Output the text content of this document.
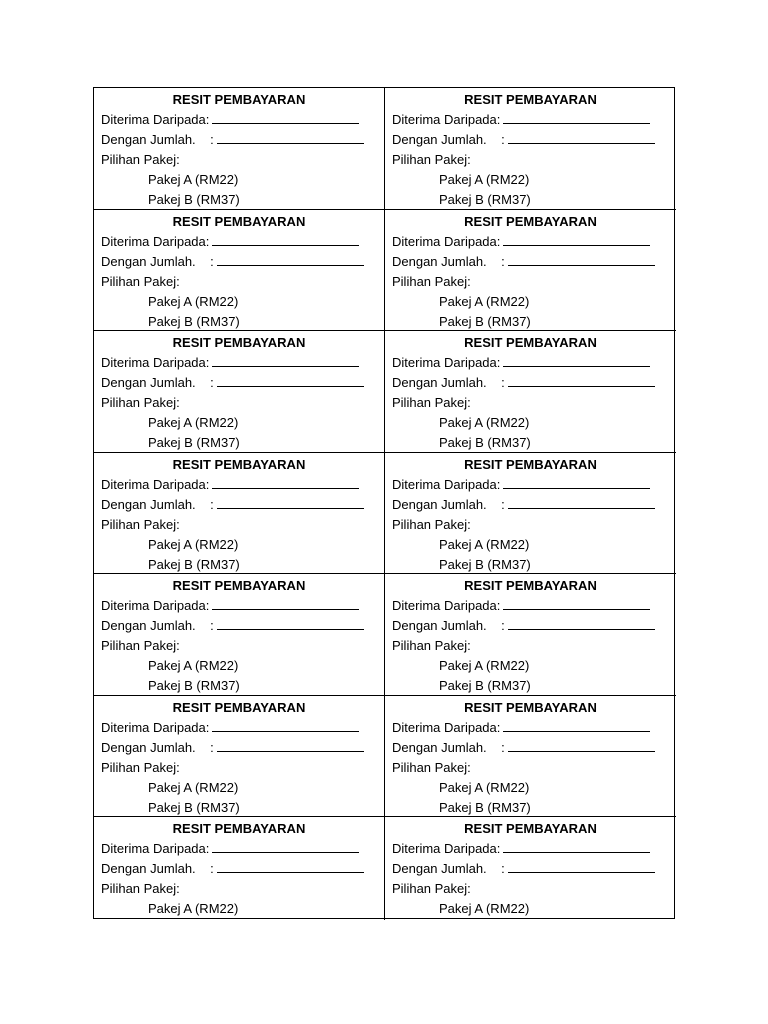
RESIT PEMBAYARAN
Diterima Daripada:
Dengan Jumlah.    :
Pilihan Pakej:
Pakej A (RM22)
Pakej B (RM37)
RESIT PEMBAYARAN
Diterima Daripada:
Dengan Jumlah.    :
Pilihan Pakej:
Pakej A (RM22)
Pakej B (RM37)
RESIT PEMBAYARAN
Diterima Daripada:
Dengan Jumlah.    :
Pilihan Pakej:
Pakej A (RM22)
Pakej B (RM37)
RESIT PEMBAYARAN
Diterima Daripada:
Dengan Jumlah.    :
Pilihan Pakej:
Pakej A (RM22)
Pakej B (RM37)
RESIT PEMBAYARAN
Diterima Daripada:
Dengan Jumlah.    :
Pilihan Pakej:
Pakej A (RM22)
Pakej B (RM37)
RESIT PEMBAYARAN
Diterima Daripada:
Dengan Jumlah.    :
Pilihan Pakej:
Pakej A (RM22)
Pakej B (RM37)
RESIT PEMBAYARAN
Diterima Daripada:
Dengan Jumlah.    :
Pilihan Pakej:
Pakej A (RM22)
Pakej B (RM37)
RESIT PEMBAYARAN
Diterima Daripada:
Dengan Jumlah.    :
Pilihan Pakej:
Pakej A (RM22)
Pakej B (RM37)
RESIT PEMBAYARAN
Diterima Daripada:
Dengan Jumlah.    :
Pilihan Pakej:
Pakej A (RM22)
Pakej B (RM37)
RESIT PEMBAYARAN
Diterima Daripada:
Dengan Jumlah.    :
Pilihan Pakej:
Pakej A (RM22)
Pakej B (RM37)
RESIT PEMBAYARAN
Diterima Daripada:
Dengan Jumlah.    :
Pilihan Pakej:
Pakej A (RM22)
Pakej B (RM37)
RESIT PEMBAYARAN
Diterima Daripada:
Dengan Jumlah.    :
Pilihan Pakej:
Pakej A (RM22)
Pakej B (RM37)
RESIT PEMBAYARAN
Diterima Daripada:
Dengan Jumlah.    :
Pilihan Pakej:
Pakej A (RM22)
RESIT PEMBAYARAN
Diterima Daripada:
Dengan Jumlah.    :
Pilihan Pakej:
Pakej A (RM22)
